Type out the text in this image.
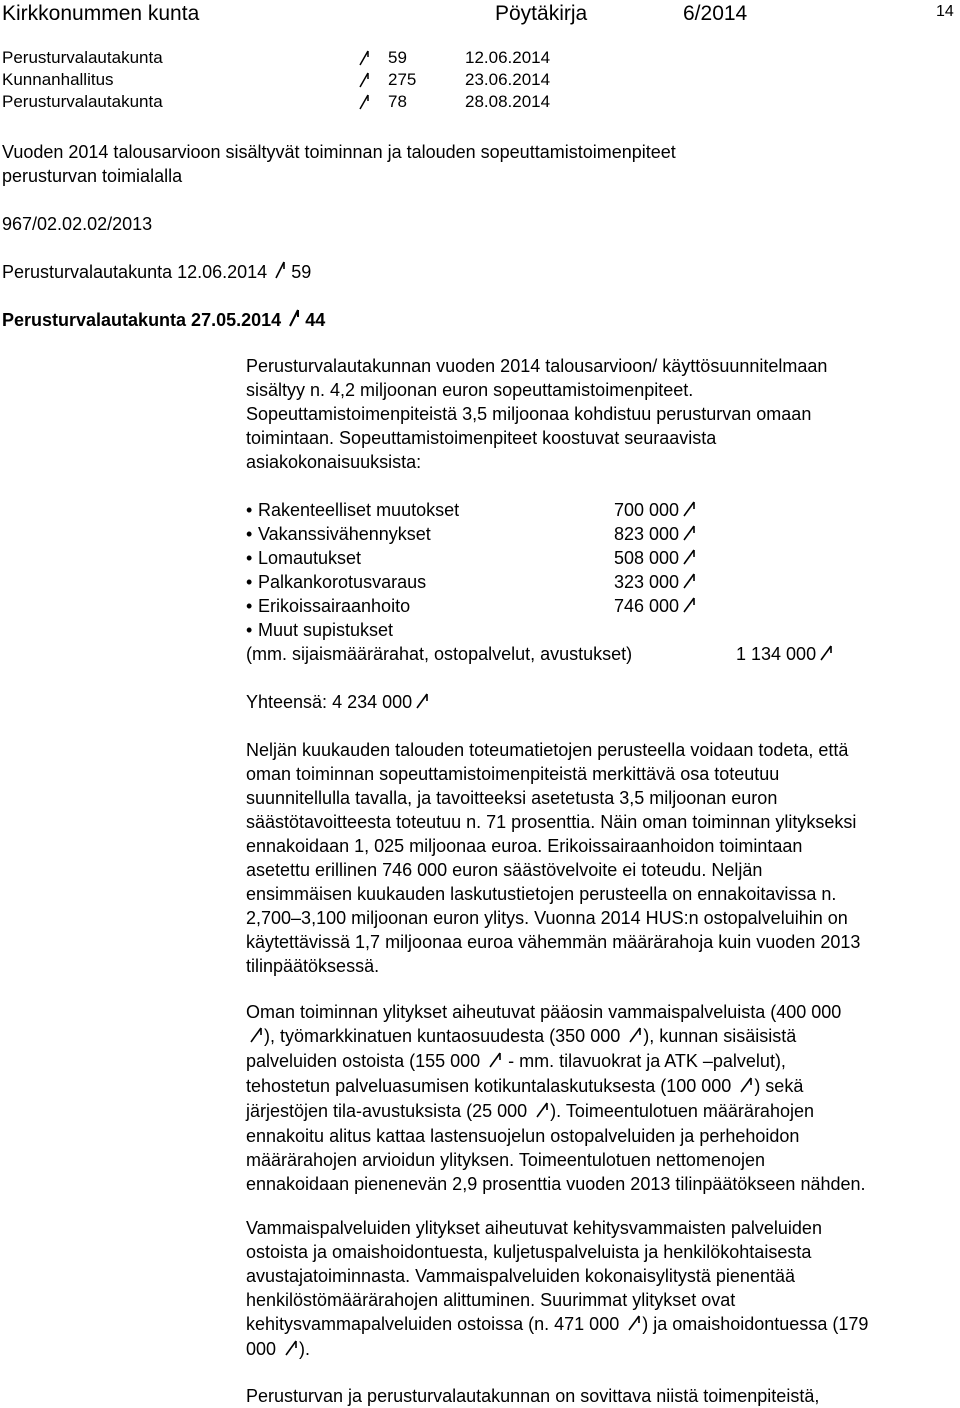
Kirkkonummen kunta	Pöytäkirja	6/2014	14
Perusturvalautakunta	59	12.06.2014
Kunnanhallitus	275	23.06.2014
Perusturvalautakunta	78	28.08.2014
Vuoden 2014 talousarvioon sisältyvät toiminnan ja talouden sopeuttamistoimenpiteet
perusturvan toimialalla
967/02.02.02/2013
Perusturvalautakunta 12.06.2014 59
Perusturvalautakunta 27.05.2014 44
Perusturvalautakunnan vuoden 2014 talousarvioon/ käyttösuunnitelmaan
sisältyy n. 4,2 miljoonan euron sopeuttamistoimenpiteet.
Sopeuttamistoimenpiteistä 3,5 miljoonaa kohdistuu perusturvan omaan
toimintaan. Sopeuttamistoimenpiteet koostuvat seuraavista
asiakokonaisuuksista:
• Rakenteelliset muutokset	700 000
• Vakanssivähennykset	823 000
• Lomautukset	508 000
• Palkankorotusvaraus	323 000
• Erikoissairaanhoito	746 000
• Muut supistukset
(mm. sijaismäärärahat, ostopalvelut, avustukset)	1 134 000
Yhteensä: 4 234 000
Neljän kuukauden talouden toteumatietojen perusteella voidaan todeta, että
oman toiminnan sopeuttamistoimenpiteistä merkittävä osa toteutuu
suunnitellulla tavalla, ja tavoitteeksi asetetusta 3,5 miljoonan euron
säästötavoitteesta toteutuu n. 71 prosenttia. Näin oman toiminnan ylitykseksi
ennakoidaan 1, 025 miljoonaa euroa. Erikoissairaanhoidon toimintaan
asetettu erillinen 746 000 euron säästövelvoite ei toteudu. Neljän
ensimmäisen kuukauden laskutustietojen perusteella on ennakoitavissa n.
2,700–3,100 miljoonan euron ylitys. Vuonna 2014 HUS:n ostopalveluihin on
käytettävissä 1,7 miljoonaa euroa vähemmän määrärahoja kuin vuoden 2013
tilinpäätöksessä.
Oman toiminnan ylitykset aiheutuvat pääosin vammaispalveluista (400 000
), työmarkkinatuen kuntaosuudesta (350 000 ), kunnan sisäisistä
palveluiden ostoista (155 000  - mm. tilavuokrat ja ATK –palvelut),
tehostetun palveluasumisen kotikuntalaskutuksesta (100 000 ) sekä
järjestöjen tila-avustuksista (25 000 ). Toimeentulotuen määrärahojen
ennakoitu alitus kattaa lastensuojelun ostopalveluiden ja perhehoidon
määrärahojen arvioidun ylityksen. Toimeentulotuen nettomenojen
ennakoidaan pienenevän 2,9 prosenttia vuoden 2013 tilinpäätökseen nähden.
Vammaispalveluiden ylitykset aiheutuvat kehitysvammaisten palveluiden
ostoista ja omaishoidontuesta, kuljetuspalveluista ja henkilökohtaisesta
avustajatoiminnasta. Vammaispalveluiden kokonaisylitystä pienentää
henkilöstömäärärahojen alittuminen. Suurimmat ylitykset ovat
kehitysvammapalveluiden ostoissa (n. 471 000 ) ja omaishoidontuessa (179
000 ).
Perusturvan ja perusturvalautakunnan on sovittava niistä toimenpiteistä,
